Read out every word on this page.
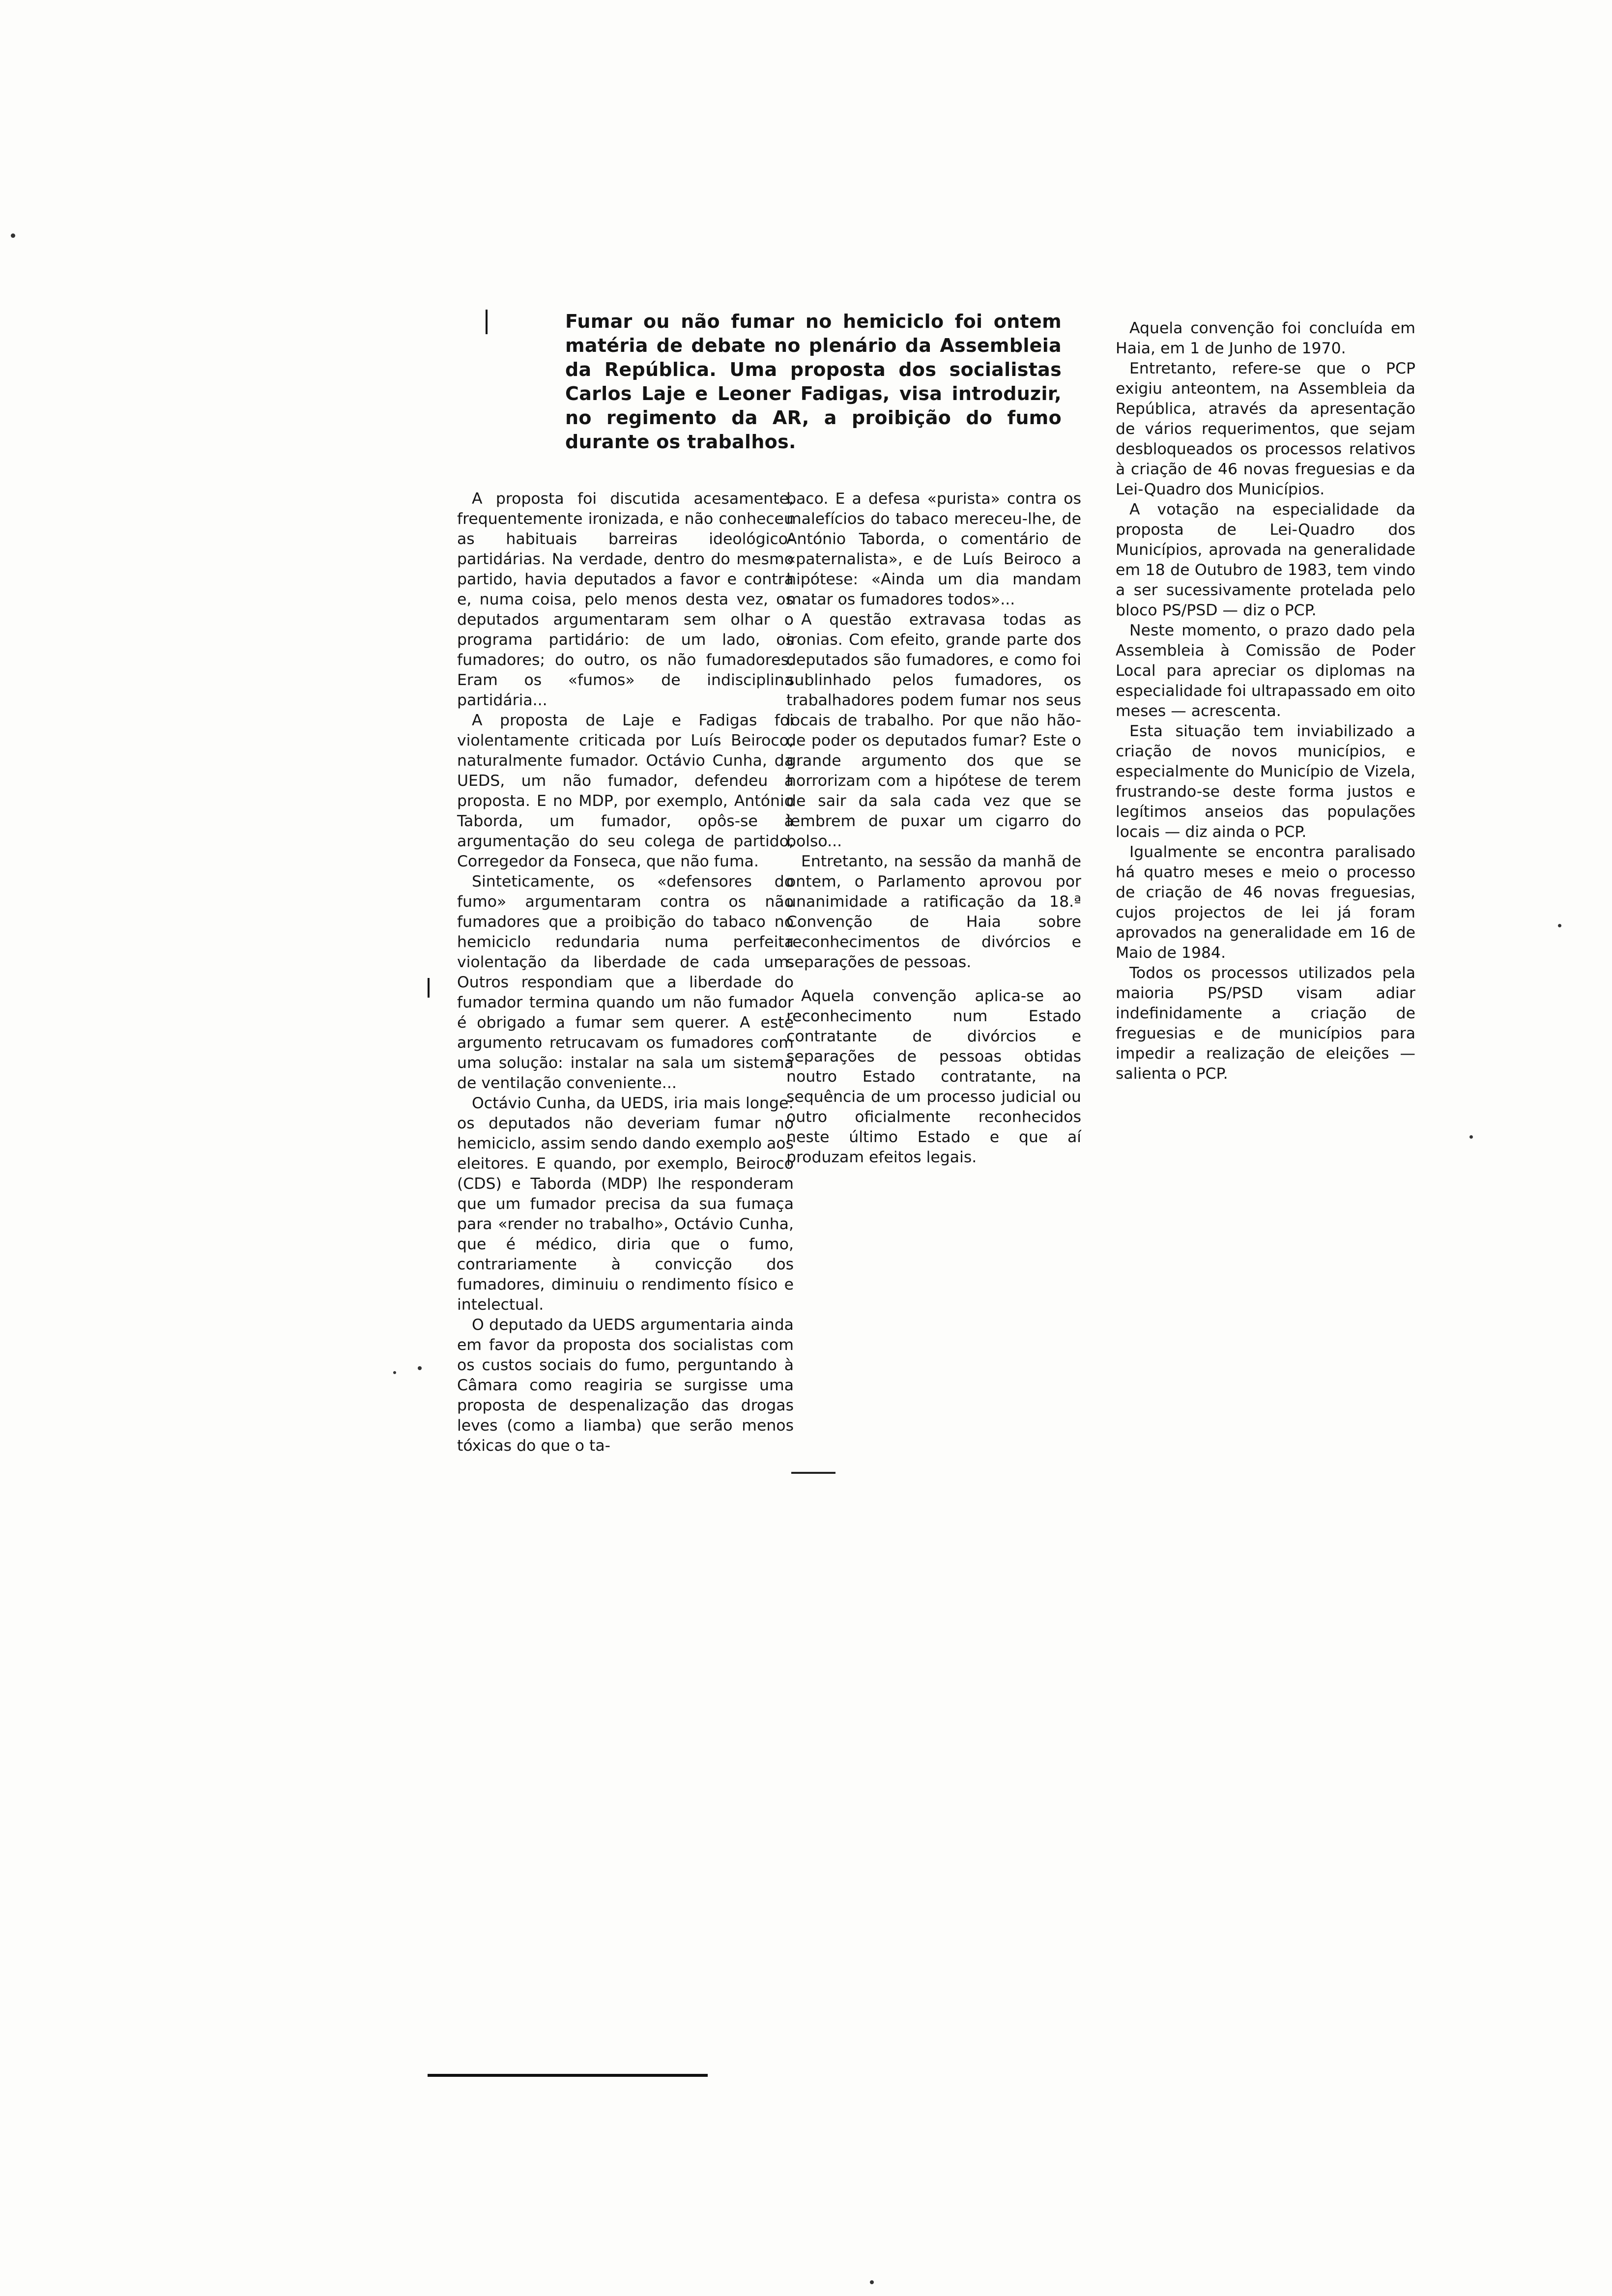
Fumar ou não fumar no hemiciclo foi ontem matéria de debate no plenário da Assembleia da República. Uma proposta dos socialistas Carlos Laje e Leoner Fadigas, visa introduzir, no regimento da AR, a proibição do fumo durante os trabalhos.

A proposta foi discutida acesamente, frequentemente ironizada, e não conheceu as habituais barreiras ideológico-partidárias. Na verdade, dentro do mesmo partido, havia deputados a favor e contra e, numa coisa, pelo menos desta vez, os deputados argumentaram sem olhar o programa partidário: de um lado, os fumadores; do outro, os não fumadores. Eram os «fumos» de indisciplina partidária...

A proposta de Laje e Fadigas foi violentamente criticada por Luís Beiroco, naturalmente fumador. Octávio Cunha, da UEDS, um não fumador, defendeu a proposta. E no MDP, por exemplo, António Taborda, um fumador, opôs-se à argumentação do seu colega de partido, Corregedor da Fonseca, que não fuma.

Sinteticamente, os «defensores do fumo» argumentaram contra os não fumadores que a proibição do tabaco no hemiciclo redundaria numa perfeita violentação da liberdade de cada um. Outros respondiam que a liberdade do fumador termina quando um não fumador é obrigado a fumar sem querer. A este argumento retrucavam os fumadores com uma solução: instalar na sala um sistema de ventilação conveniente...

Octávio Cunha, da UEDS, iria mais longe: os deputados não deveriam fumar no hemiciclo, assim sendo dando exemplo aos eleitores. E quando, por exemplo, Beiroco (CDS) e Taborda (MDP) lhe responderam que um fumador precisa da sua fumaça para «render no trabalho», Octávio Cunha, que é médico, diria que o fumo, contrariamente à convicção dos fumadores, diminuiu o rendimento físico e intelectual.

O deputado da UEDS argumentaria ainda em favor da proposta dos socialistas com os custos sociais do fumo, perguntando à Câmara como reagiria se surgisse uma proposta de despenalização das drogas leves (como a liamba) que serão menos tóxicas do que o ta-

baco. E a defesa «purista» contra os malefícios do tabaco mereceu-lhe, de António Taborda, o comentário de «paternalista», e de Luís Beiroco a hipótese: «Ainda um dia mandam matar os fumadores todos»...

A questão extravasa todas as ironias. Com efeito, grande parte dos deputados são fumadores, e como foi sublinhado pelos fumadores, os trabalhadores podem fumar nos seus locais de trabalho. Por que não hão-de poder os deputados fumar? Este o grande argumento dos que se horrorizam com a hipótese de terem de sair da sala cada vez que se lembrem de puxar um cigarro do bolso...

Entretanto, na sessão da manhã de ontem, o Parlamento aprovou por unanimidade a ratificação da 18.ª Convenção de Haia sobre reconhecimentos de divórcios e separações de pessoas.

Aquela convenção aplica-se ao reconhecimento num Estado contratante de divórcios e separações de pessoas obtidas noutro Estado contratante, na sequência de um processo judicial ou outro oficialmente reconhecidos neste último Estado e que aí produzam efeitos legais.

Aquela convenção foi concluída em Haia, em 1 de Junho de 1970.

Entretanto, refere-se que o PCP exigiu anteontem, na Assembleia da República, através da apresentação de vários requerimentos, que sejam desbloqueados os processos relativos à criação de 46 novas freguesias e da Lei-Quadro dos Municípios.

A votação na especialidade da proposta de Lei-Quadro dos Municípios, aprovada na generalidade em 18 de Outubro de 1983, tem vindo a ser sucessivamente protelada pelo bloco PS/PSD — diz o PCP.

Neste momento, o prazo dado pela Assembleia à Comissão de Poder Local para apreciar os diplomas na especialidade foi ultrapassado em oito meses — acrescenta.

Esta situação tem inviabilizado a criação de novos municípios, e especialmente do Município de Vizela, frustrando-se deste forma justos e legítimos anseios das populações locais — diz ainda o PCP.

Igualmente se encontra paralisado há quatro meses e meio o processo de criação de 46 novas freguesias, cujos projectos de lei já foram aprovados na generalidade em 16 de Maio de 1984.

Todos os processos utilizados pela maioria PS/PSD visam adiar indefinidamente a criação de freguesias e de municípios para impedir a realização de eleições — salienta o PCP.
